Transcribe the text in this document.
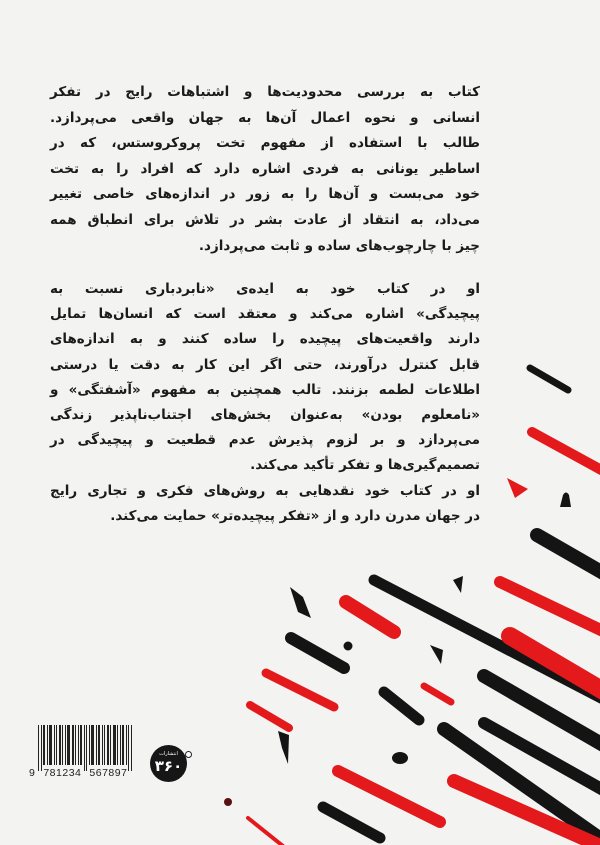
کتاب به بررسی محدودیت‌ها و اشتباهات رایج در تفکر
انسانی و نحوه اعمال آن‌ها به جهان واقعی می‌پردازد.
طالب با استفاده از مفهوم تخت پروکروستس، که در
اساطیر یونانی به فردی اشاره دارد که افراد را به تخت
خود می‌بست و آن‌ها را به زور در اندازه‌های خاصی تغییر
می‌داد، به انتقاد از عادت بشر در تلاش برای انطباق همه
چیز با چارچوب‌های ساده و ثابت می‌پردازد.
او در کتاب خود به ایده‌ی «نابردباری نسبت به
پیچیدگی» اشاره می‌کند و معتقد است که انسان‌ها تمایل
دارند واقعیت‌های پیچیده را ساده کنند و به اندازه‌های
قابل کنترل درآورند، حتی اگر این کار به دقت یا درستی
اطلاعات لطمه بزنند. تالب همچنین به مفهوم «آشفتگی» و
«نامعلوم بودن» به‌عنوان بخش‌های اجتناب‌ناپذیر زندگی
می‌پردازد و بر لزوم پذیرش عدم قطعیت و پیچیدگی در
تصمیم‌گیری‌ها و تفکر تأکید می‌کند.
او در کتاب خود نقدهایی به روش‌های فکری و تجاری رایج
در جهان مدرن دارد و از «تفکر پیچیده‌تر» حمایت می‌کند.
9 781234 567897
انتشارات
۳۶۰
